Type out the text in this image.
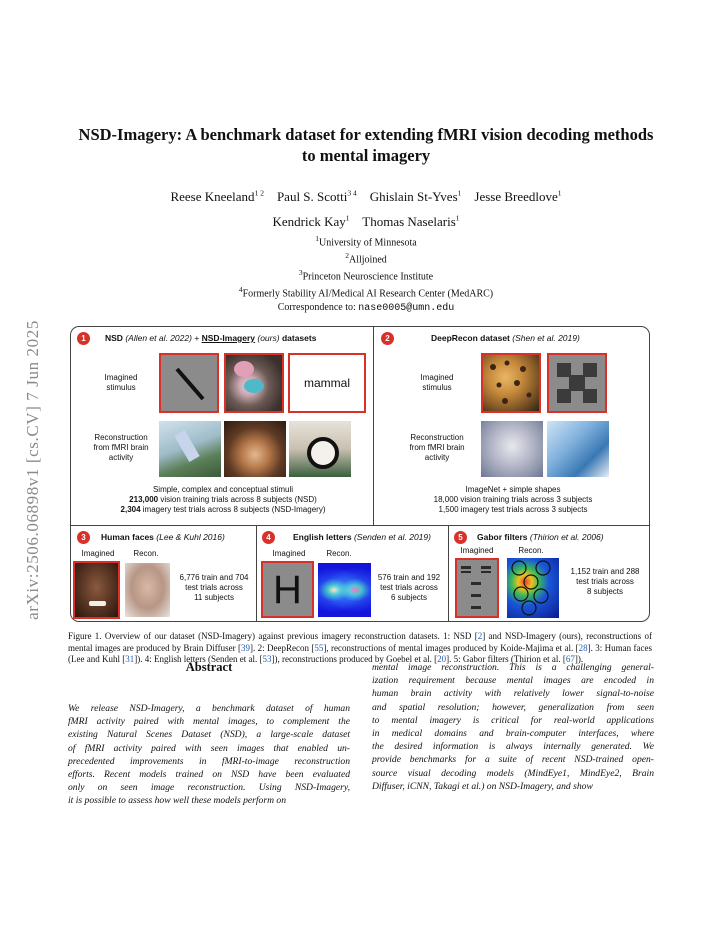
arXiv:2506.06898v1 [cs.CV] 7 Jun 2025
NSD-Imagery: A benchmark dataset for extending fMRI vision decoding methods
to mental imagery
Reese Kneeland$^{1 2}$ Paul S. Scotti$^{3 4}$ Ghislain St-Yves$^1$ Jesse Breedlove$^1$
Kendrick Kay$^1$ Thomas Naselaris$^1$
$^1$University of Minnesota
$^2$Alljoined
$^3$Princeton Neuroscience Institute
$^4$Formerly Stability AI/Medical AI Research Center (MedARC)
Correspondence to: nase0005@umn.edu
1	NSD (Allen et al. 2022) + NSD-Imagery (ours) datasets
Imagined
stimulus	mammal
Reconstruction
from fMRI brain
activity
Simple, complex and conceptual stimuli
213,000 vision training trials across 8 subjects (NSD)
2,304 imagery test trials across 8 subjects (NSD-Imagery)
2	DeepRecon dataset (Shen et al. 2019)
Imagined
stimulus
Reconstruction
from fMRI brain
activity
ImageNet + simple shapes
18,000 vision training trials across 3 subjects
1,500 imagery test trials across 3 subjects
3	Human faces (Lee & Kuhl 2016)
Imagined	Recon.
6,776 train and 704
test trials across
11 subjects
4	English letters (Senden et al. 2019)
Imagined	Recon.
H	576 train and 192
test trials across
6 subjects
5	Gabor filters (Thirion et al. 2006)
Imagined	Recon.
1,152 train and 288
test trials across
8 subjects
Figure 1. Overview of our dataset (NSD-Imagery) against previous imagery reconstruction datasets. 1: NSD [2] and NSD-Imagery (ours), reconstructions of mental images are produced by Brain Diffuser [39]. 2: DeepRecon [55], reconstructions of mental images produced by Koide-Majima et al. [28]. 3: Human faces (Lee and Kuhl [31]). 4: English letters (Senden et al. [53]), reconstructions produced by Goebel et al. [20]. 5: Gabor filters (Thirion et al. [67]).
Abstract
We release NSD-Imagery, a benchmark dataset of human
fMRI activity paired with mental images, to complement the
existing Natural Scenes Dataset (NSD), a large-scale dataset
of fMRI activity paired with seen images that enabled un-
precedented improvements in fMRI-to-image reconstruction
efforts. Recent models trained on NSD have been evaluated
only on seen image reconstruction. Using NSD-Imagery,
it is possible to assess how well these models perform on
mental image reconstruction. This is a challenging general-
ization requirement because mental images are encoded in
human brain activity with relatively lower signal-to-noise
and spatial resolution; however, generalization from seen
to mental imagery is critical for real-world applications
in medical domains and brain-computer interfaces, where
the desired information is always internally generated. We
provide benchmarks for a suite of recent NSD-trained open-
source visual decoding models (MindEye1, MindEye2, Brain
Diffuser, iCNN, Takagi et al.) on NSD-Imagery, and show
